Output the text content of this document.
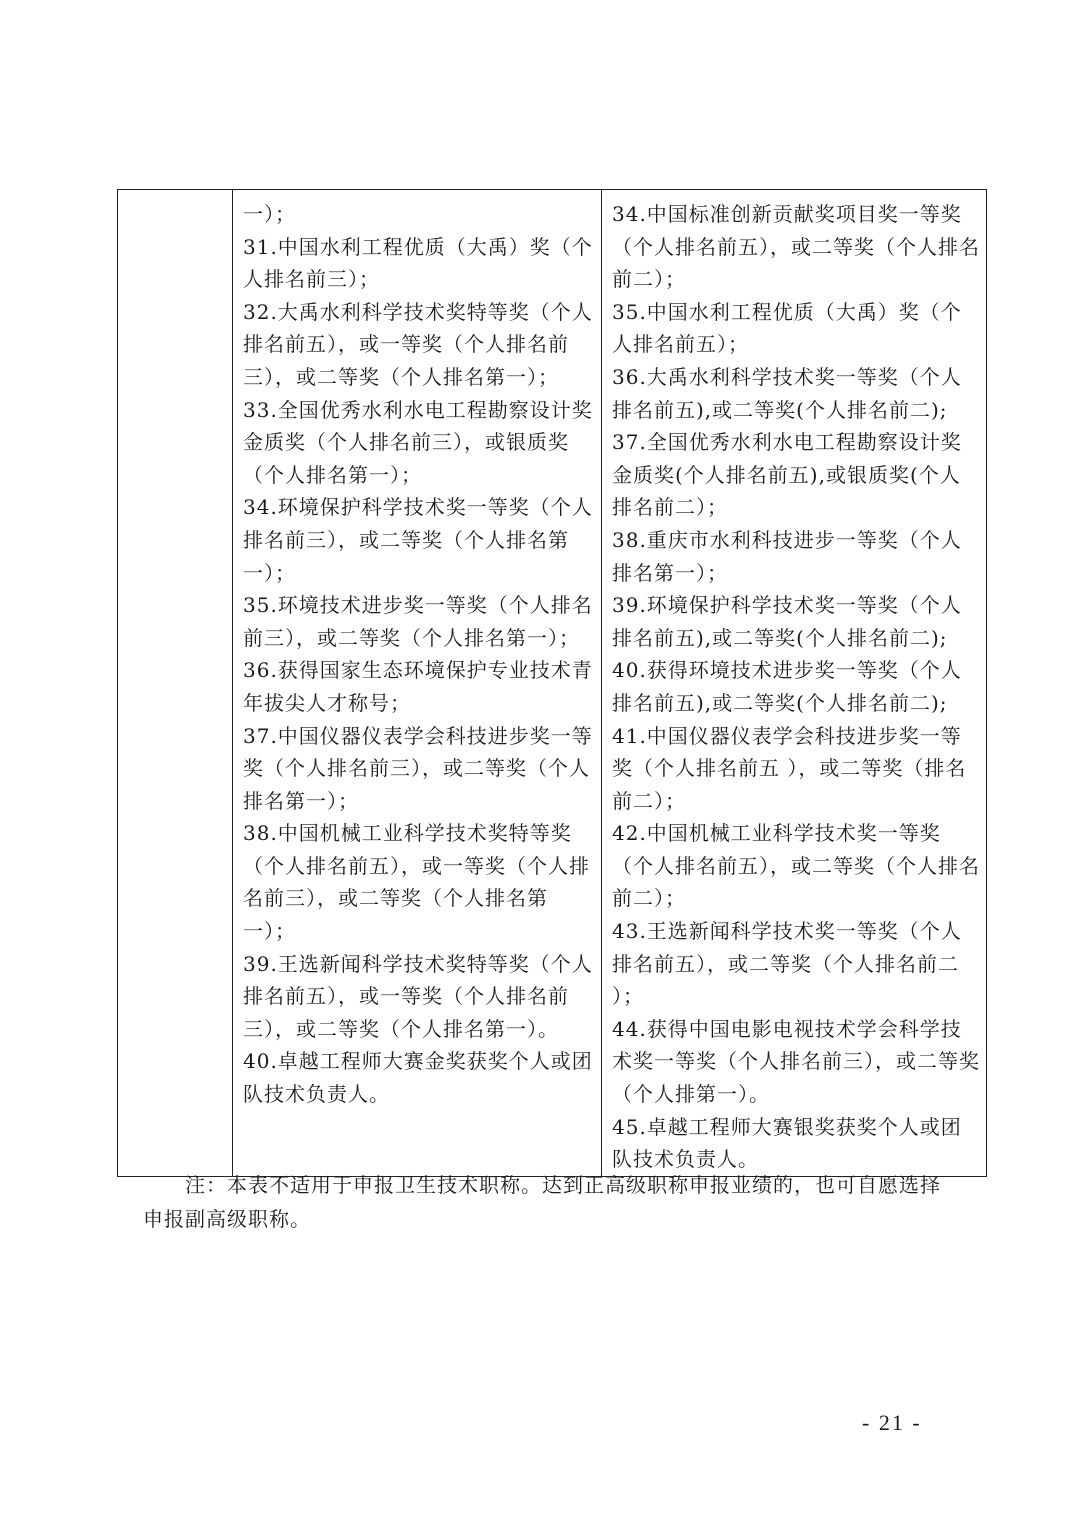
一）；
31.中国水利工程优质（大禹）奖（个人排名前三）；
32.大禹水利科学技术奖特等奖（个人排名前五），或一等奖（个人排名前三），或二等奖（个人排名第一）；
33.全国优秀水利水电工程勘察设计奖金质奖（个人排名前三），或银质奖（个人排名第一）；
34.环境保护科学技术奖一等奖（个人排名前三），或二等奖（个人排名第一）；
35.环境技术进步奖一等奖（个人排名前三），或二等奖（个人排名第一）；
36.获得国家生态环境保护专业技术青年拔尖人才称号；
37.中国仪器仪表学会科技进步奖一等奖（个人排名前三），或二等奖（个人排名第一）；
38.中国机械工业科学技术奖特等奖（个人排名前五），或一等奖（个人排名前三），或二等奖（个人排名第一）；
39.王选新闻科学技术奖特等奖（个人排名前五），或一等奖（个人排名前三），或二等奖（个人排名第一）。
40.卓越工程师大赛金奖获奖个人或团队技术负责人。

34.中国标准创新贡献奖项目奖一等奖（个人排名前五），或二等奖（个人排名前二）；
35.中国水利工程优质（大禹）奖（个人排名前五）；
36.大禹水利科学技术奖一等奖（个人排名前五),或二等奖(个人排名前二);
37.全国优秀水利水电工程勘察设计奖金质奖(个人排名前五),或银质奖(个人排名前二）；
38.重庆市水利科技进步一等奖（个人排名第一）；
39.环境保护科学技术奖一等奖（个人排名前五),或二等奖(个人排名前二);
40.获得环境技术进步奖一等奖（个人排名前五),或二等奖(个人排名前二);
41.中国仪器仪表学会科技进步奖一等奖（个人排名前五 ），或二等奖（排名前二）；
42.中国机械工业科学技术奖一等奖（个人排名前五），或二等奖（个人排名前二）；
43.王选新闻科学技术奖一等奖（个人排名前五），或二等奖（个人排名前二 ）；
44.获得中国电影电视技术学会科学技术奖一等奖（个人排名前三），或二等奖（个人排第一）。
45.卓越工程师大赛银奖获奖个人或团队技术负责人。
注：本表不适用于申报卫生技术职称。达到正高级职称申报业绩的，也可自愿选择申报副高级职称。
- 21 -
